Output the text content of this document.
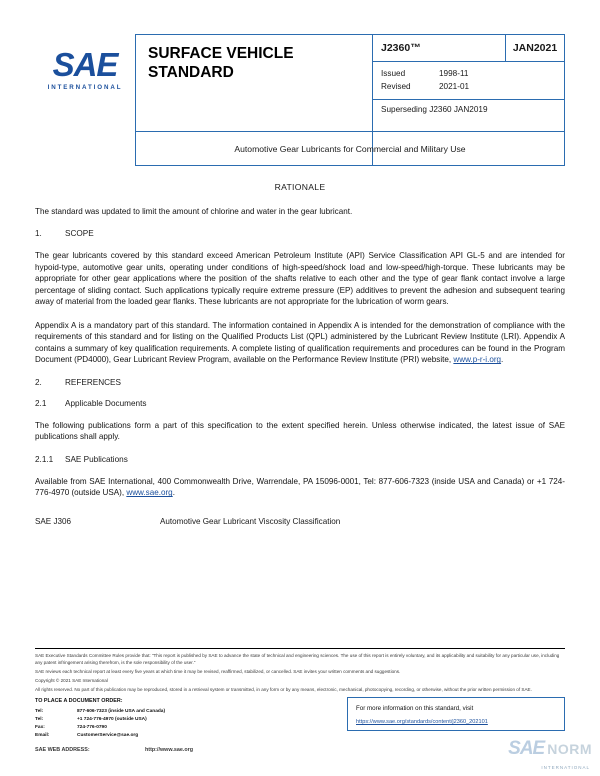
SAE
INTERNATIONAL
SURFACE VEHICLE
STANDARD
J2360™	JAN2021
Issued	1998-11
Revised	2021-01
Superseding J2360 JAN2019
Automotive Gear Lubricants for Commercial and Military Use
RATIONALE

The standard was updated to limit the amount of chlorine and water in the gear lubricant.

1.	SCOPE

The gear lubricants covered by this standard exceed American Petroleum Institute (API) Service Classification API GL-5 and are intended for hypoid-type, automotive gear units, operating under conditions of high-speed/shock load and low-speed/high-torque. These lubricants may be appropriate for other gear applications where the position of the shafts relative to each other and the type of gear flank contact involve a large percentage of sliding contact. Such applications typically require extreme pressure (EP) additives to prevent the adhesion and subsequent tearing away of material from the loaded gear flanks. These lubricants are not appropriate for the lubrication of worm gears.

Appendix A is a mandatory part of this standard. The information contained in Appendix A is intended for the demonstration of compliance with the requirements of this standard and for listing on the Qualified Products List (QPL) administered by the Lubricant Review Institute (LRI). Appendix A contains a summary of key qualification requirements. A complete listing of qualification requirements and procedures can be found in the Program Document (PD4000), Gear Lubricant Review Program, available on the Performance Review Institute (PRI) website, www.p-r-i.org.

2.	REFERENCES
2.1	Applicable Documents

The following publications form a part of this specification to the extent specified herein. Unless otherwise indicated, the latest issue of SAE publications shall apply.

2.1.1	SAE Publications

Available from SAE International, 400 Commonwealth Drive, Warrendale, PA 15096-0001, Tel: 877-606-7323 (inside USA and Canada) or +1 724-776-4970 (outside USA), www.sae.org.

SAE J306	Automotive Gear Lubricant Viscosity Classification

SAE Executive Standards Committee Rules provide that: “This report is published by SAE to advance the state of technical and engineering sciences. The use of this report is entirely voluntary, and its applicability and suitability for any particular use, including any patent infringement arising therefrom, is the sole responsibility of the user.”

SAE reviews each technical report at least every five years at which time it may be revised, reaffirmed, stabilized, or cancelled. SAE invites your written comments and suggestions.

Copyright © 2021 SAE International

All rights reserved. No part of this publication may be reproduced, stored in a retrieval system or transmitted, in any form or by any means, electronic, mechanical, photocopying, recording, or otherwise, without the prior written permission of SAE.

TO PLACE A DOCUMENT ORDER:
Tel:	877-606-7323 (inside USA and Canada)
Tel:	+1 724-776-4970 (outside USA)
Fax:	724-776-0790
Email:	CustomerService@sae.org
SAE WEB ADDRESS:	http://www.sae.org
For more information on this standard, visit
https://www.sae.org/standards/content/j2360_202101
SAE NORM
INTERNATIONAL
